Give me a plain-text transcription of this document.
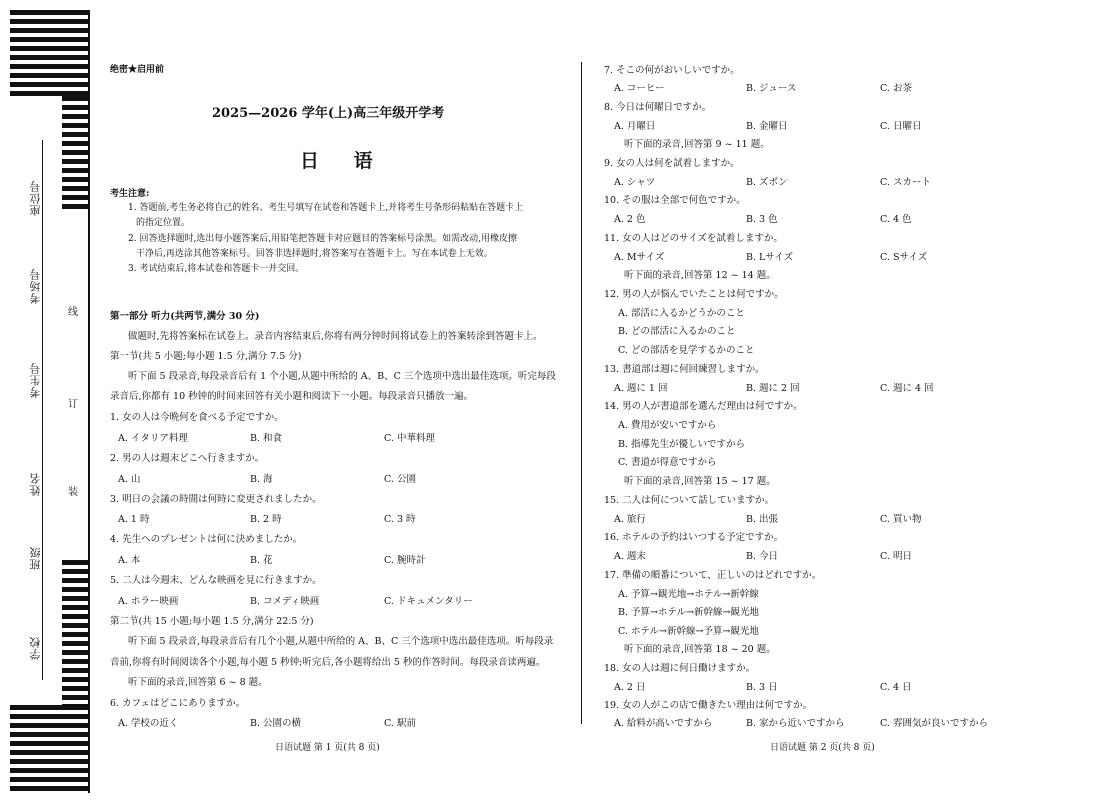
座位号
考场号
考生号
姓名
班级
学校
线
订
装
绝密★启用前
2025—2026 学年(上)高三年级开学考
日 语
考生注意:
1. 答题前,考生务必将自己的姓名、考生号填写在试卷和答题卡上,并将考生号条形码粘贴在答题卡上
的指定位置。
2. 回答选择题时,选出每小题答案后,用铅笔把答题卡对应题目的答案标号涂黑。如需改动,用橡皮擦
干净后,再选涂其他答案标号。回答非选择题时,将答案写在答题卡上。写在本试卷上无效。
3. 考试结束后,将本试卷和答题卡一并交回。
第一部分 听力(共两节,满分 30 分)
做题时,先将答案标在试卷上。录音内容结束后,你将有两分钟时间将试卷上的答案转涂到答题卡上。
第一节(共 5 小题;每小题 1.5 分,满分 7.5 分)
听下面 5 段录音,每段录音后有 1 个小题,从题中所给的 A、B、C 三个选项中选出最佳选项。听完每段
录音后,你都有 10 秒钟的时间来回答有关小题和阅读下一小题。每段录音只播放一遍。
1. 女の人は今晩何を食べる予定ですか。
A. イタリア料理	B. 和食	C. 中華料理
2. 男の人は週末どこへ行きますか。
A. 山	B. 海	C. 公園
3. 明日の会議の時間は何時に変更されましたか。
A. 1 時	B. 2 時	C. 3 時
4. 先生へのプレゼントは何に決めましたか。
A. 本	B. 花	C. 腕時計
5. 二人は今週末、どんな映画を見に行きますか。
A. ホラー映画	B. コメディ映画	C. ドキュメンタリー
第二节(共 15 小题;每小题 1.5 分,满分 22.5 分)
听下面 5 段录音,每段录音后有几个小题,从题中所给的 A、B、C 三个选项中选出最佳选项。听每段录
音前,你将有时间阅读各个小题,每小题 5 秒钟;听完后,各小题将给出 5 秒的作答时间。每段录音读两遍。
听下面的录音,回答第 6 ~ 8 题。
6. カフェはどこにありますか。
A. 学校の近く	B. 公園の横	C. 駅前
日语试题 第 1 页(共 8 页)
7. そこの何がおいしいですか。
A. コーヒー	B. ジュース	C. お茶
8. 今日は何曜日ですか。
A. 月曜日	B. 金曜日	C. 日曜日
听下面的录音,回答第 9 ~ 11 题。
9. 女の人は何を試着しますか。
A. シャツ	B. ズボン	C. スカート
10. その服は全部で何色ですか。
A. 2 色	B. 3 色	C. 4 色
11. 女の人はどのサイズを試着しますか。
A. Mサイズ	B. Lサイズ	C. Sサイズ
听下面的录音,回答第 12 ~ 14 题。
12. 男の人が悩んでいたことは何ですか。
A. 部活に入るかどうかのこと
B. どの部活に入るかのこと
C. どの部活を見学するかのこと
13. 書道部は週に何回練習しますか。
A. 週に 1 回	B. 週に 2 回	C. 週に 4 回
14. 男の人が書道部を選んだ理由は何ですか。
A. 費用が安いですから
B. 指導先生が優しいですから
C. 書道が得意ですから
听下面的录音,回答第 15 ~ 17 题。
15. 二人は何について話していますか。
A. 旅行	B. 出張	C. 買い物
16. ホテルの予約はいつする予定ですか。
A. 週末	B. 今日	C. 明日
17. 準備の順番について、正しいのはどれですか。
A. 予算→観光地→ホテル→新幹線
B. 予算→ホテル→新幹線→観光地
C. ホテル→新幹線→予算→観光地
听下面的录音,回答第 18 ~ 20 题。
18. 女の人は週に何日働けますか。
A. 2 日	B. 3 日	C. 4 日
19. 女の人がこの店で働きたい理由は何ですか。
A. 給料が高いですから	B. 家から近いですから	C. 雰囲気が良いですから
日语试题 第 2 页(共 8 页)
